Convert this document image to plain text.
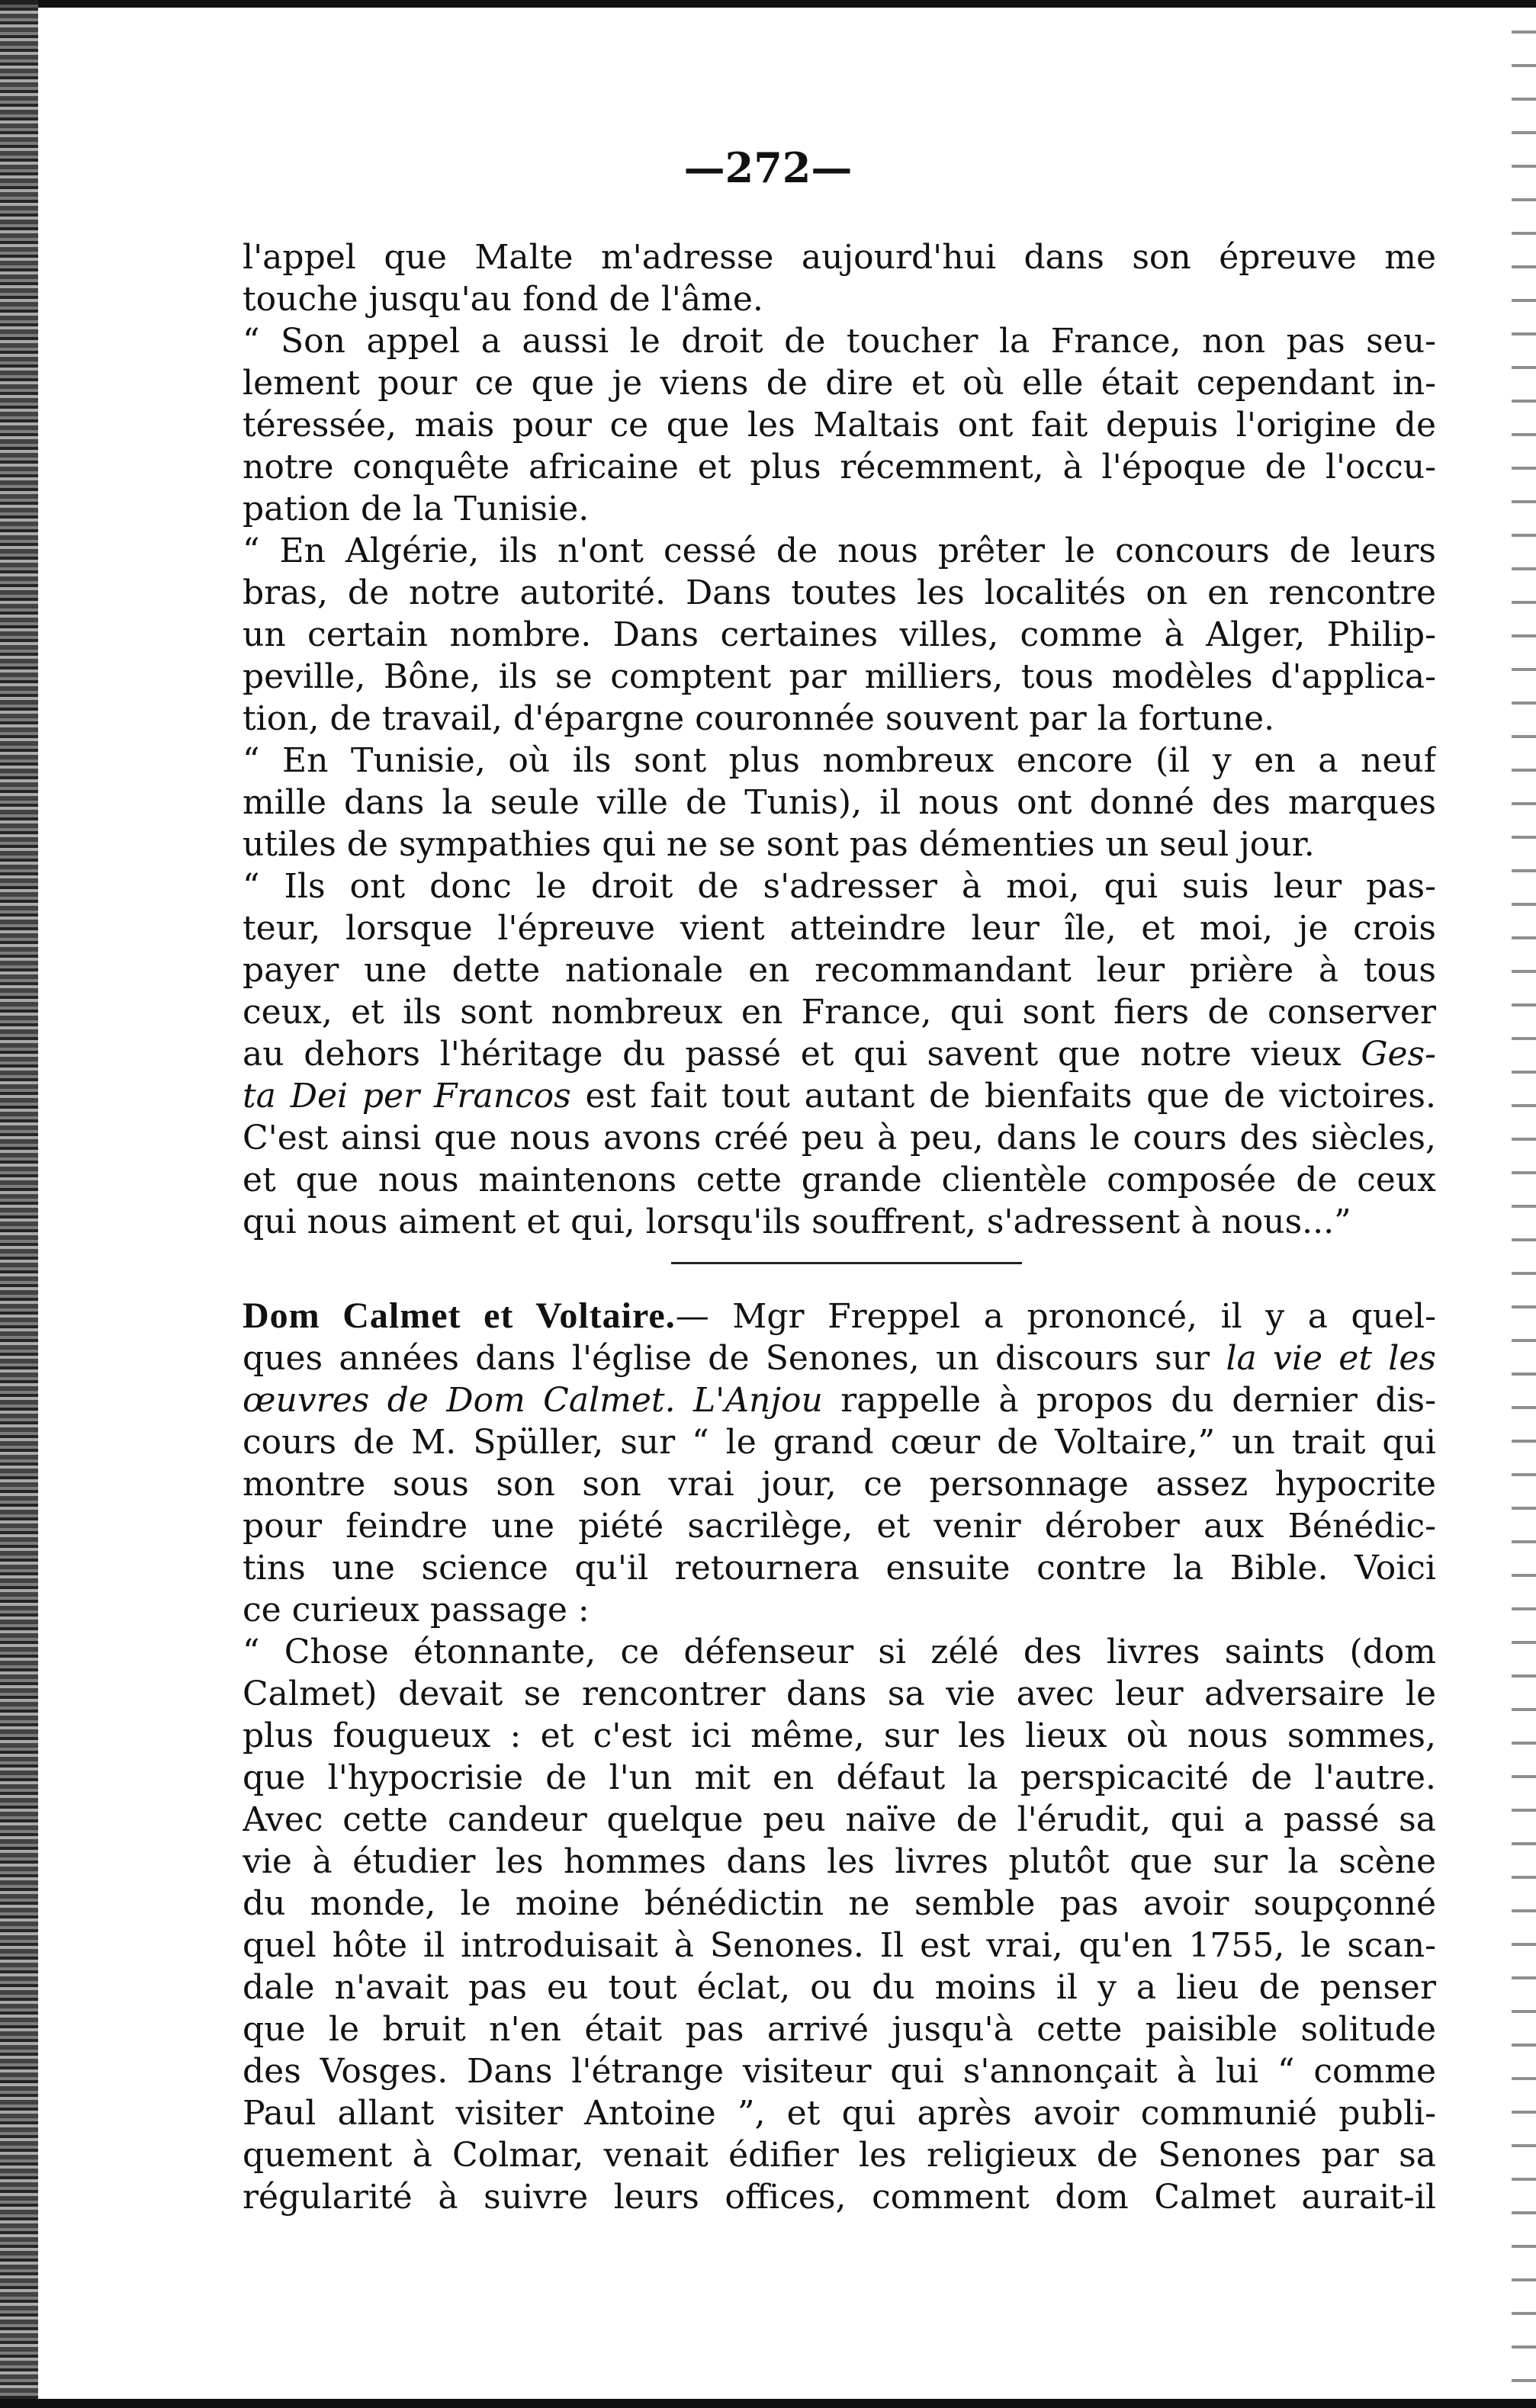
—272—
l'appel que Malte m'adresse aujourd'hui dans son épreuve me
touche jusqu'au fond de l'âme.
“ Son appel a aussi le droit de toucher la France, non pas seu-
lement pour ce que je viens de dire et où elle était cependant in-
téressée, mais pour ce que les Maltais ont fait depuis l'origine de
notre conquête africaine et plus récemment, à l'époque de l'occu-
pation de la Tunisie.
“ En Algérie, ils n'ont cessé de nous prêter le concours de leurs
bras, de notre autorité. Dans toutes les localités on en rencontre
un certain nombre. Dans certaines villes, comme à Alger, Philip-
peville, Bône, ils se comptent par milliers, tous modèles d'applica-
tion, de travail, d'épargne couronnée souvent par la fortune.
“ En Tunisie, où ils sont plus nombreux encore (il y en a neuf
mille dans la seule ville de Tunis), il nous ont donné des marques
utiles de sympathies qui ne se sont pas démenties un seul jour.
“ Ils ont donc le droit de s'adresser à moi, qui suis leur pas-
teur, lorsque l'épreuve vient atteindre leur île, et moi, je crois
payer une dette nationale en recommandant leur prière à tous
ceux, et ils sont nombreux en France, qui sont fiers de conserver
au dehors l'héritage du passé et qui savent que notre vieux Ges-
ta Dei per Francos est fait tout autant de bienfaits que de victoires.
C'est ainsi que nous avons créé peu à peu, dans le cours des siècles,
et que nous maintenons cette grande clientèle composée de ceux
qui nous aiment et qui, lorsqu'ils souffrent, s'adressent à nous...”
Dom Calmet et Voltaire.— Mgr Freppel a prononcé, il y a quel-
ques années dans l'église de Senones, un discours sur la vie et les
œuvres de Dom Calmet. L'Anjou rappelle à propos du dernier dis-
cours de M. Spüller, sur “ le grand cœur de Voltaire,” un trait qui
montre sous son son vrai jour, ce personnage assez hypocrite
pour feindre une piété sacrilège, et venir dérober aux Bénédic-
tins une science qu'il retournera ensuite contre la Bible. Voici
ce curieux passage :
“ Chose étonnante, ce défenseur si zélé des livres saints (dom
Calmet) devait se rencontrer dans sa vie avec leur adversaire le
plus fougueux : et c'est ici même, sur les lieux où nous sommes,
que l'hypocrisie de l'un mit en défaut la perspicacité de l'autre.
Avec cette candeur quelque peu naïve de l'érudit, qui a passé sa
vie à étudier les hommes dans les livres plutôt que sur la scène
du monde, le moine bénédictin ne semble pas avoir soupçonné
quel hôte il introduisait à Senones. Il est vrai, qu'en 1755, le scan-
dale n'avait pas eu tout éclat, ou du moins il y a lieu de penser
que le bruit n'en était pas arrivé jusqu'à cette paisible solitude
des Vosges. Dans l'étrange visiteur qui s'annonçait à lui “ comme
Paul allant visiter Antoine ”, et qui après avoir communié publi-
quement à Colmar, venait édifier les religieux de Senones par sa
régularité à suivre leurs offices, comment dom Calmet aurait-il
